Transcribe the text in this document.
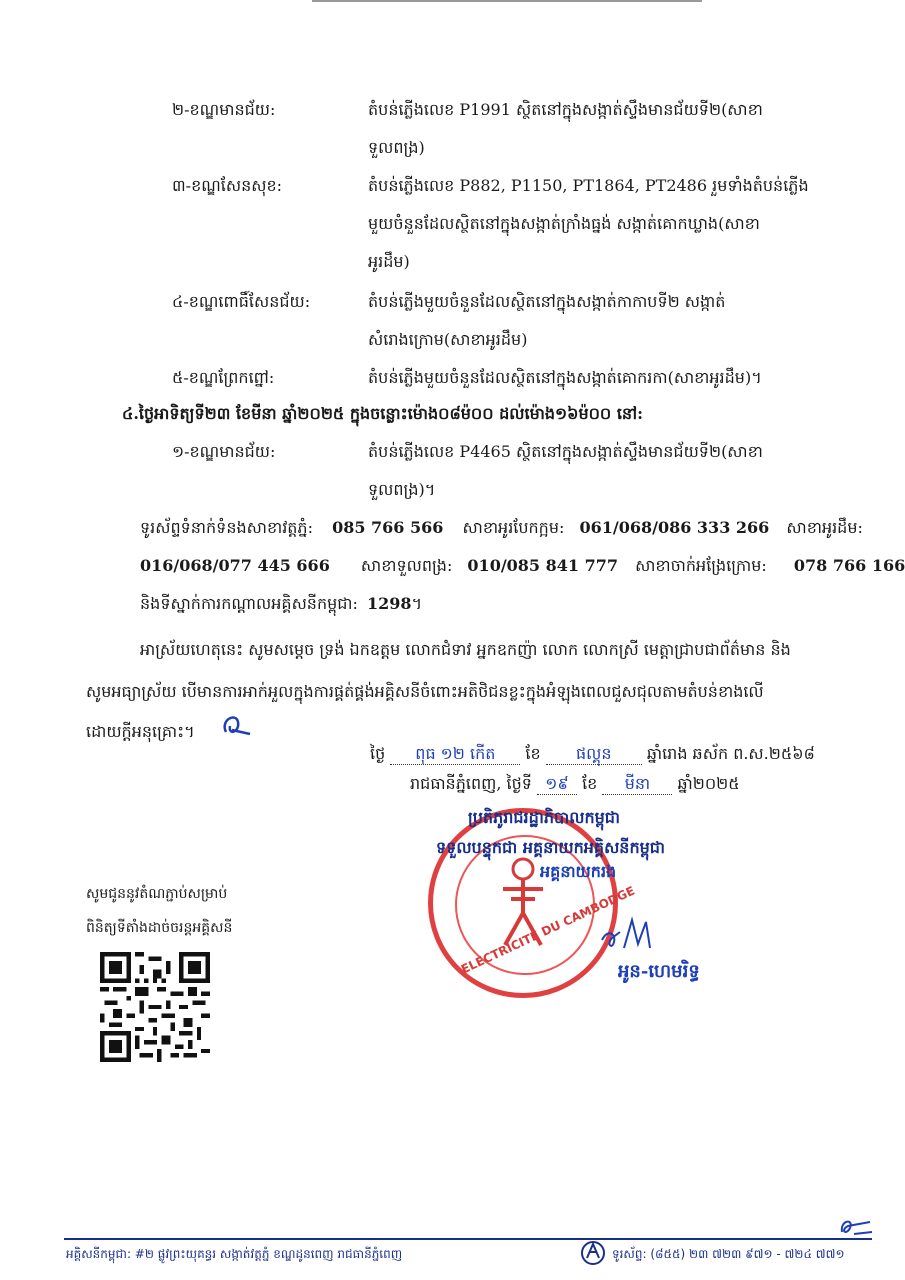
២-ខណ្ឌមានជ័យ:	តំបន់ភ្លើងលេខ P1991 ស្ថិតនៅក្នុងសង្កាត់ស្ទឹងមានជ័យទី២(សាខា
ទួលពង្រ)
៣-ខណ្ឌសែនសុខ:	តំបន់ភ្លើងលេខ P882, P1150, PT1864, PT2486 រួមទាំងតំបន់ភ្លើង
មួយចំនួនដែលស្ថិតនៅក្នុងសង្កាត់ក្រាំងធ្នង់ សង្កាត់គោកឃ្លាង(សាខា
អូរដឹម)
៤-ខណ្ឌពោធិ៍សែនជ័យ:	តំបន់ភ្លើងមួយចំនួនដែលស្ថិតនៅក្នុងសង្កាត់កាកាបទី២ សង្កាត់
សំរោងក្រោម(សាខាអូរដឹម)
៥-ខណ្ឌព្រែកព្នៅ:	តំបន់ភ្លើងមួយចំនួនដែលស្ថិតនៅក្នុងសង្កាត់គោករកា(សាខាអូរដឹម)។
៤.ថ្ងៃអាទិត្យទី២៣ ខែមីនា ឆ្នាំ២០២៥ ក្នុងចន្លោះម៉ោង០៨ម៉០០ ដល់ម៉ោង១៦ម៉០០ នៅ:
១-ខណ្ឌមានជ័យ:	តំបន់ភ្លើងលេខ P4465 ស្ថិតនៅក្នុងសង្កាត់ស្ទឹងមានជ័យទី២(សាខា
ទួលពង្រ)។
ទូរស័ព្ទទំនាក់ទំនងសាខាវត្តភ្នំ: 085 766 566 សាខាអូរបែកក្អម: 061/068/086 333 266 សាខាអូរដឹម:
016/068/077 445 666 សាខាទួលពង្រ: 010/085 841 777 សាខាចាក់អង្រែក្រោម: 078 766 166
និងទីស្នាក់ការកណ្តាលអគ្គិសនីកម្ពុជា: 1298។
អាស្រ័យហេតុនេះ សូមសម្តេច ទ្រង់ ឯកឧត្តម លោកជំទាវ អ្នកឧកញ៉ា លោក លោកស្រី មេត្តាជ្រាបជាព័ត៌មាន និង
សូមអធ្យាស្រ័យ បើមានការអាក់អួលក្នុងការផ្គត់ផ្គង់អគ្គិសនីចំពោះអតិថិជនខ្លះក្នុងអំឡុងពេលជួសជុលតាមតំបន់ខាងលើ
ដោយក្តីអនុគ្រោះ។
ថ្ងៃ ពុធ ១២ កើត ខែ ផល្គុន ឆ្នាំរោង ឆស័ក ព.ស.២៥៦៨
រាជធានីភ្នំពេញ, ថ្ងៃទី ១៩ ខែ មីនា ឆ្នាំ២០២៥
ELECTRICITE DU CAMBODGE
ប្រតិភូរាជរដ្ឋាភិបាលកម្ពុជា
ទទួលបន្ទុកជា អគ្គនាយកអគ្គិសនីកម្ពុជា
អគ្គនាយករង
អូន-ហេមរិទ្ធ
សូមជូននូវតំណភ្ជាប់សម្រាប់
ពិនិត្យទីតាំងដាច់ចរន្តអគ្គិសនី
អគ្គិសនីកម្ពុជា: #២ ផ្លូវព្រះយុគន្ធរ សង្កាត់វត្តភ្នំ ខណ្ឌដូនពេញ រាជធានីភ្នំពេញ	ទូរស័ព្ទ: (៨៥៥) ២៣ ៧២៣ ៩៧១ - ៧២៤ ៧៧១
